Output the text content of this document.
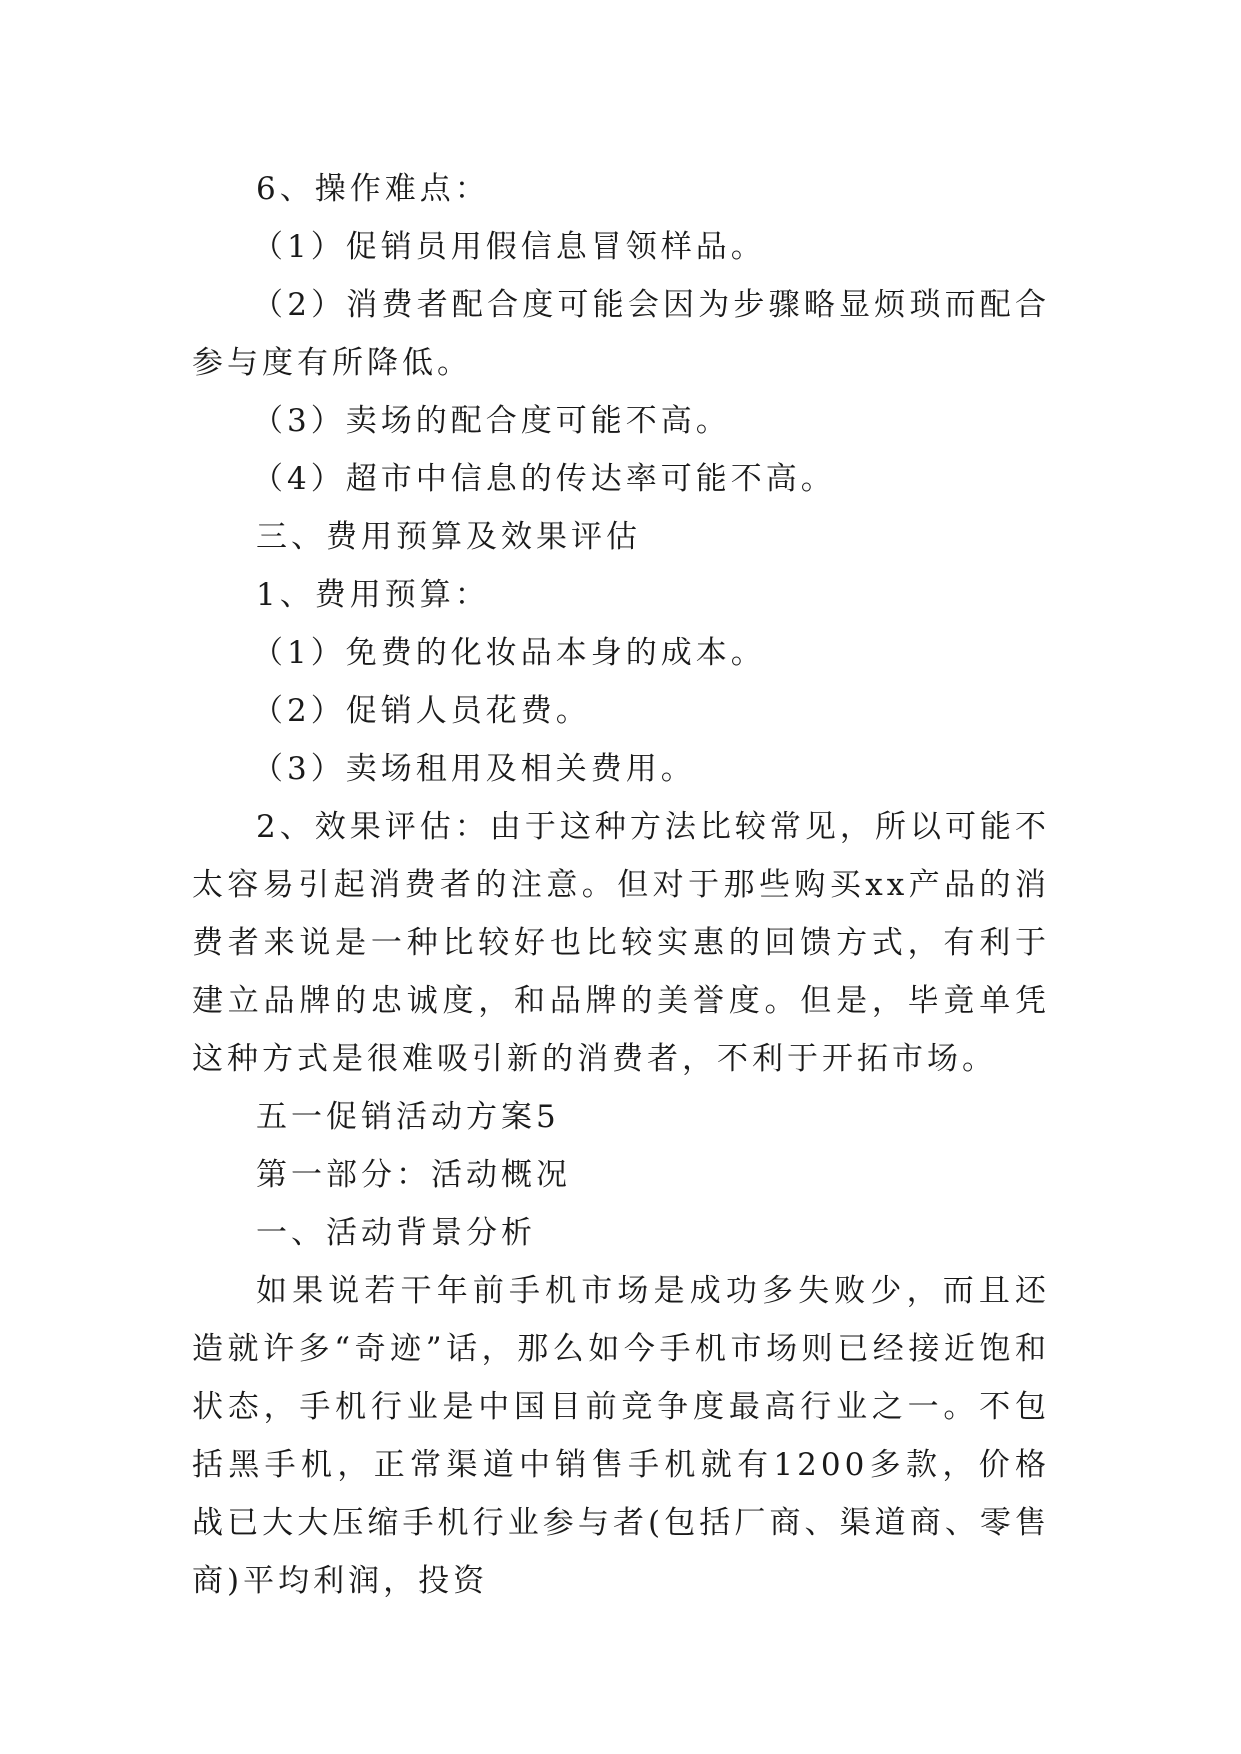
6、操作难点：

（1）促销员用假信息冒领样品。

（2）消费者配合度可能会因为步骤略显烦琐而配合参与度有所降低。

（3）卖场的配合度可能不高。

（4）超市中信息的传达率可能不高。

三、费用预算及效果评估

1、费用预算：

（1）免费的化妆品本身的成本。

（2）促销人员花费。

（3）卖场租用及相关费用。

2、效果评估：由于这种方法比较常见，所以可能不太容易引起消费者的注意。但对于那些购买xx产品的消费者来说是一种比较好也比较实惠的回馈方式，有利于建立品牌的忠诚度，和品牌的美誉度。但是，毕竟单凭这种方式是很难吸引新的消费者，不利于开拓市场。

五一促销活动方案5

第一部分：活动概况

一、活动背景分析

如果说若干年前手机市场是成功多失败少，而且还造就许多“奇迹”话，那么如今手机市场则已经接近饱和状态，手机行业是中国目前竞争度最高行业之一。不包括黑手机，正常渠道中销售手机就有1200多款，价格战已大大压缩手机行业参与者(包括厂商、渠道商、零售商)平均利润，投资
